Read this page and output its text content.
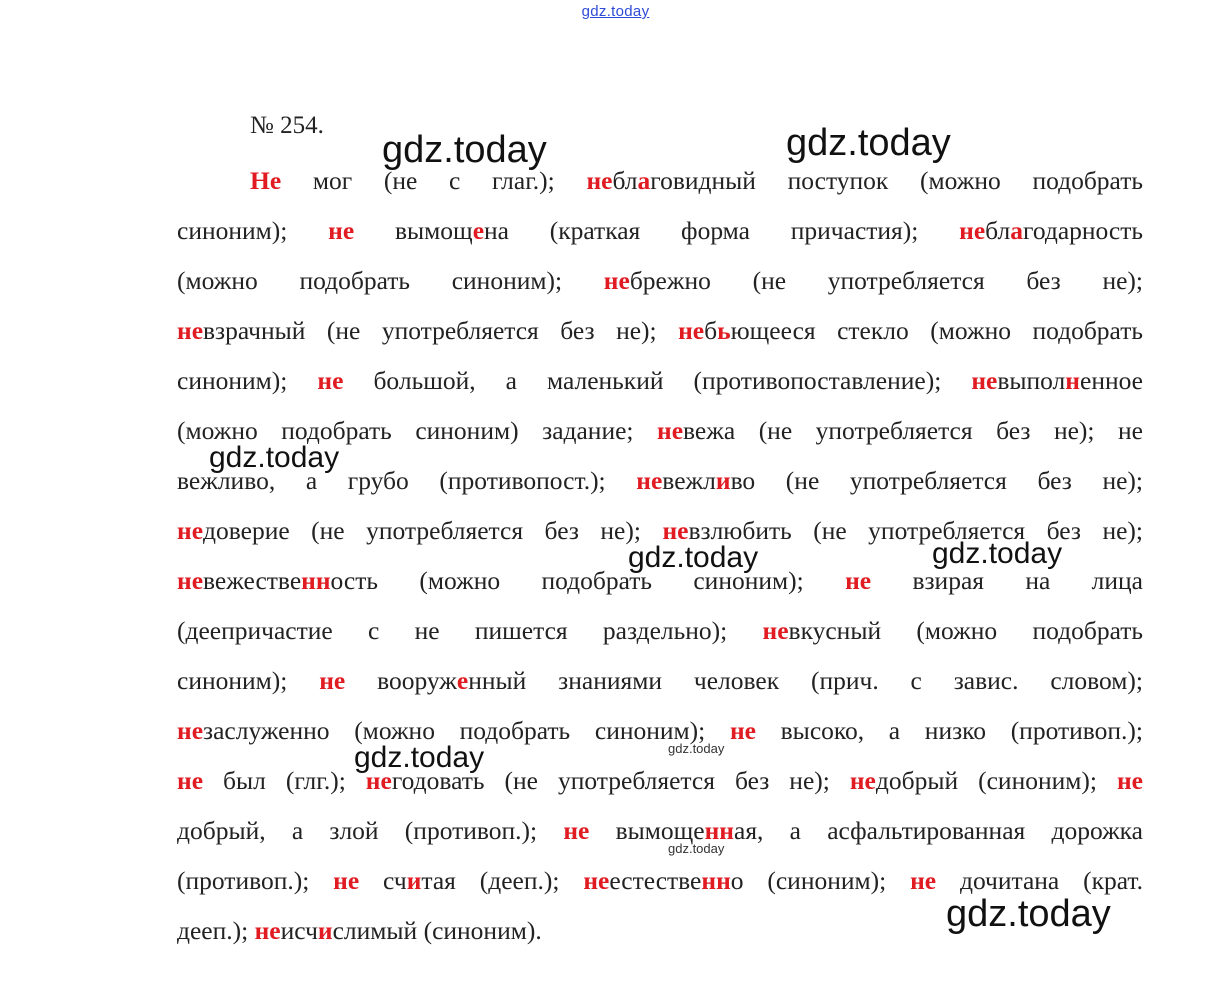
gdz.today
№ 254.
Не мог (не с глаг.); неблаговидный поступок (можно подобрать
синоним); не вымощена (краткая форма причастия); неблагодарность
(можно подобрать синоним); небрежно (не употребляется без не);
невзрачный (не употребляется без не); небьющееся стекло (можно подобрать
синоним); не большой, а маленький (противопоставление); невыполненное
(можно подобрать синоним) задание; невежа (не употребляется без не); не
вежливо, а грубо (противопост.); невежливо (не употребляется без не);
недоверие (не употребляется без не); невзлюбить (не употребляется без не);
невежественность (можно подобрать синоним); не взирая на лица
(деепричастие с не пишется раздельно); невкусный (можно подобрать
синоним); не вооруженный знаниями человек (прич. с завис. словом);
незаслуженно (можно подобрать синоним); не высоко, а низко (противоп.);
не был (глг.); негодовать (не употребляется без не); недобрый (синоним); не
добрый, а злой (противоп.); не вымощенная, а асфальтированная дорожка
(противоп.); не считая (дееп.); неестественно (синоним); не дочитана (крат.
дееп.); неисчислимый (синоним).
gdz.today	gdz.today
gdz.today
gdz.today	gdz.today
gdz.today	gdz.today
gdz.today
gdz.today
